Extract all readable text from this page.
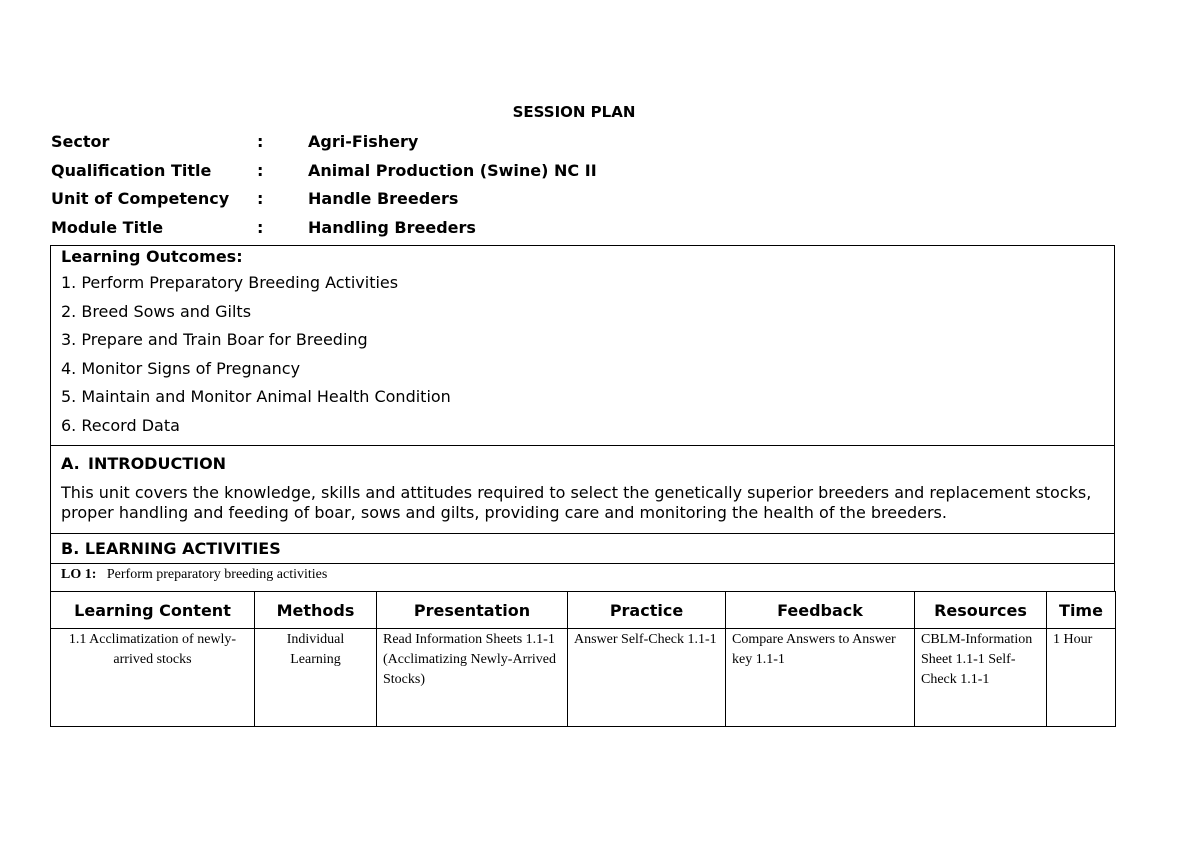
SESSION PLAN
Sector	:	Agri-Fishery
Qualification Title	:	Animal Production (Swine) NC II
Unit of Competency :	Handle Breeders
Module Title	:	Handling Breeders
Learning Outcomes:
1. Perform Preparatory Breeding Activities
2. Breed Sows and Gilts
3. Prepare and Train Boar for Breeding
4. Monitor Signs of Pregnancy
5. Maintain and Monitor Animal Health Condition
6. Record Data
A. INTRODUCTION
This unit covers the knowledge, skills and attitudes required to select the genetically superior breeders and replacement stocks, proper handling and feeding of boar, sows and gilts, providing care and monitoring the health of the breeders.
B. LEARNING ACTIVITIES
LO 1: Perform preparatory breeding activities
Learning Content	Methods	Presentation	Practice	Feedback	Resources	Time
1.1 Acclimatization of newly-arrived stocks	Individual Learning	Read Information Sheets 1.1-1 (Acclimatizing Newly-Arrived Stocks)	Answer Self-Check 1.1-1	Compare Answers to Answer key 1.1-1	CBLM-Information Sheet 1.1-1 Self-Check 1.1-1	1 Hour
